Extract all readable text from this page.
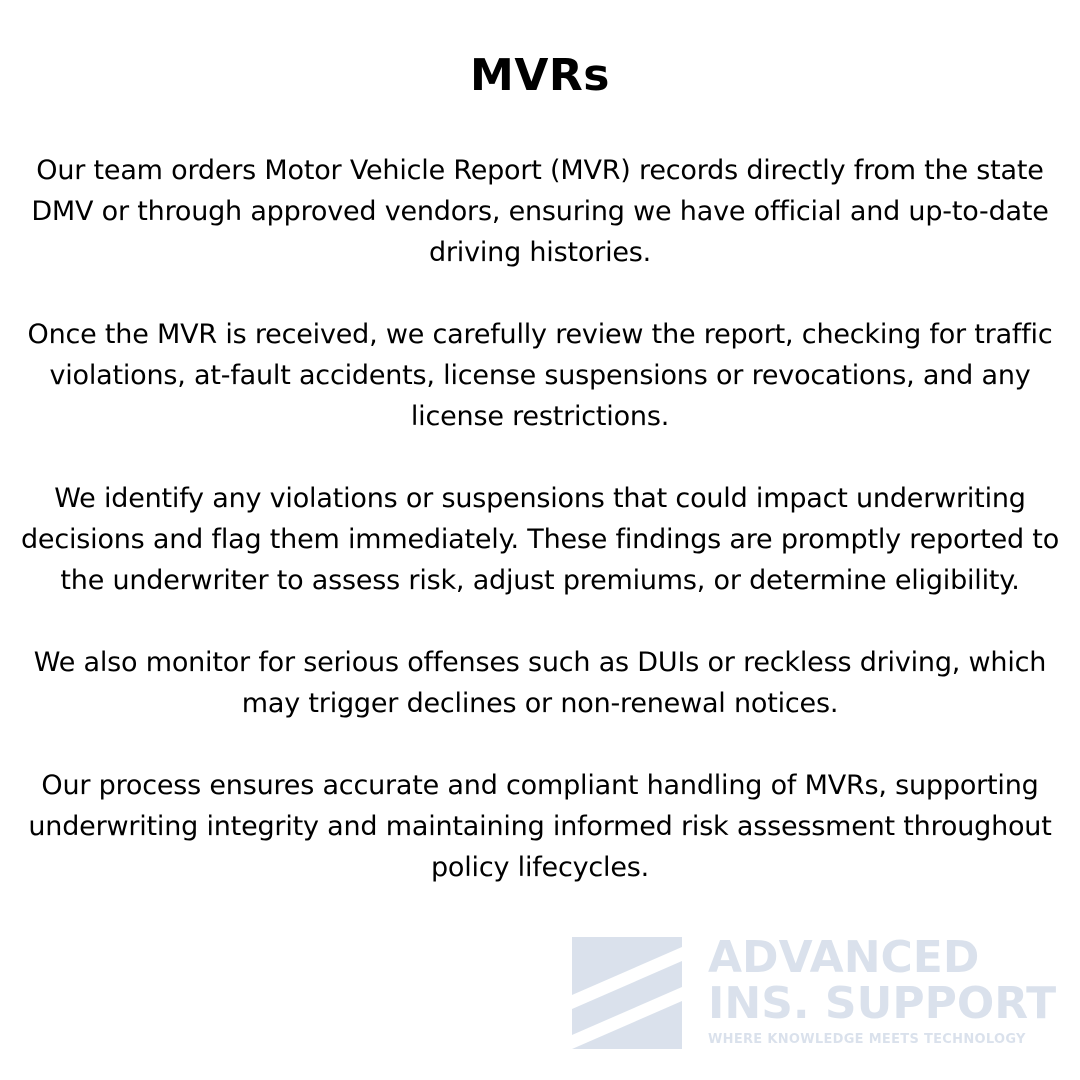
MVRs

Our team orders Motor Vehicle Report (MVR) records directly from the state DMV or through approved vendors, ensuring we have official and up-to-date driving histories.

Once the MVR is received, we carefully review the report, checking for traffic violations, at-fault accidents, license suspensions or revocations, and any license restrictions.

We identify any violations or suspensions that could impact underwriting decisions and flag them immediately. These findings are promptly reported to the underwriter to assess risk, adjust premiums, or determine eligibility.

We also monitor for serious offenses such as DUIs or reckless driving, which may trigger declines or non-renewal notices.

Our process ensures accurate and compliant handling of MVRs, supporting underwriting integrity and maintaining informed risk assessment throughout policy lifecycles.

ADVANCED
INS. SUPPORT
WHERE KNOWLEDGE MEETS TECHNOLOGY
